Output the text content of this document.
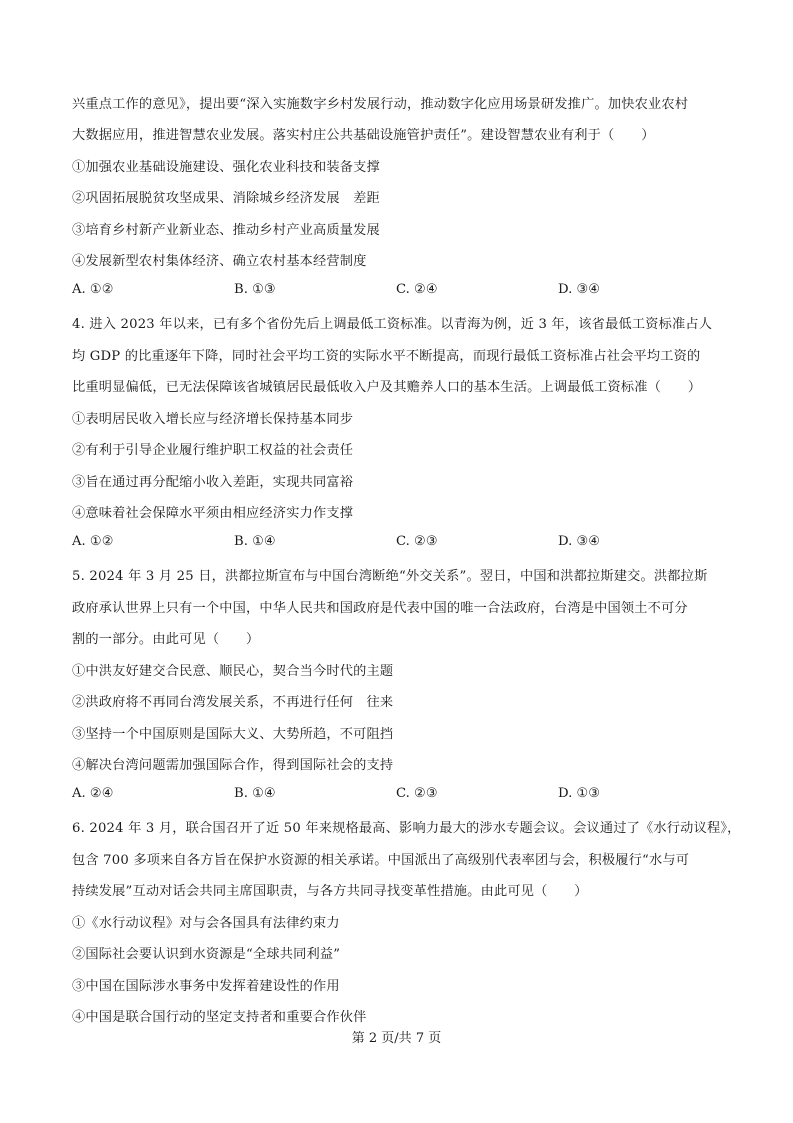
兴重点工作的意见》，提出要“深入实施数字乡村发展行动，推动数字化应用场景研发推广。加快农业农村
大数据应用，推进智慧农业发展。落实村庄公共基础设施管护责任”。建设智慧农业有利于（　　）
①加强农业基础设施建设、强化农业科技和装备支撑
②巩固拓展脱贫攻坚成果、消除城乡经济发展　差距
③培育乡村新产业新业态、推动乡村产业高质量发展
④发展新型农村集体经济、确立农村基本经营制度
A. ①②	B. ①③	C. ②④	D. ③④
4. 进入 2023 年以来，已有多个省份先后上调最低工资标准。以青海为例，近 3 年，该省最低工资标准占人
均 GDP 的比重逐年下降，同时社会平均工资的实际水平不断提高，而现行最低工资标准占社会平均工资的
比重明显偏低，已无法保障该省城镇居民最低收入户及其赡养人口的基本生活。上调最低工资标准（　　）
①表明居民收入增长应与经济增长保持基本同步
②有利于引导企业履行维护职工权益的社会责任
③旨在通过再分配缩小收入差距，实现共同富裕
④意味着社会保障水平须由相应经济实力作支撑
A. ①②	B. ①④	C. ②③	D. ③④
5. 2024 年 3 月 25 日，洪都拉斯宣布与中国台湾断绝“外交关系”。翌日，中国和洪都拉斯建交。洪都拉斯
政府承认世界上只有一个中国，中华人民共和国政府是代表中国的唯一合法政府，台湾是中国领土不可分
割的一部分。由此可见（　　）
①中洪友好建交合民意、顺民心，契合当今时代的主题
②洪政府将不再同台湾发展关系，不再进行任何　往来
③坚持一个中国原则是国际大义、大势所趋，不可阻挡
④解决台湾问题需加强国际合作，得到国际社会的支持
A. ②④	B. ①④	C. ②③	D. ①③
6. 2024 年 3 月，联合国召开了近 50 年来规格最高、影响力最大的涉水专题会议。会议通过了《水行动议程》，
包含 700 多项来自各方旨在保护水资源的相关承诺。中国派出了高级别代表率团与会，积极履行“水与可
持续发展”互动对话会共同主席国职责，与各方共同寻找变革性措施。由此可见（　　）
①《水行动议程》对与会各国具有法律约束力
②国际社会要认识到水资源是“全球共同利益”
③中国在国际涉水事务中发挥着建设性的作用
④中国是联合国行动的坚定支持者和重要合作伙伴
第 2 页/共 7 页
